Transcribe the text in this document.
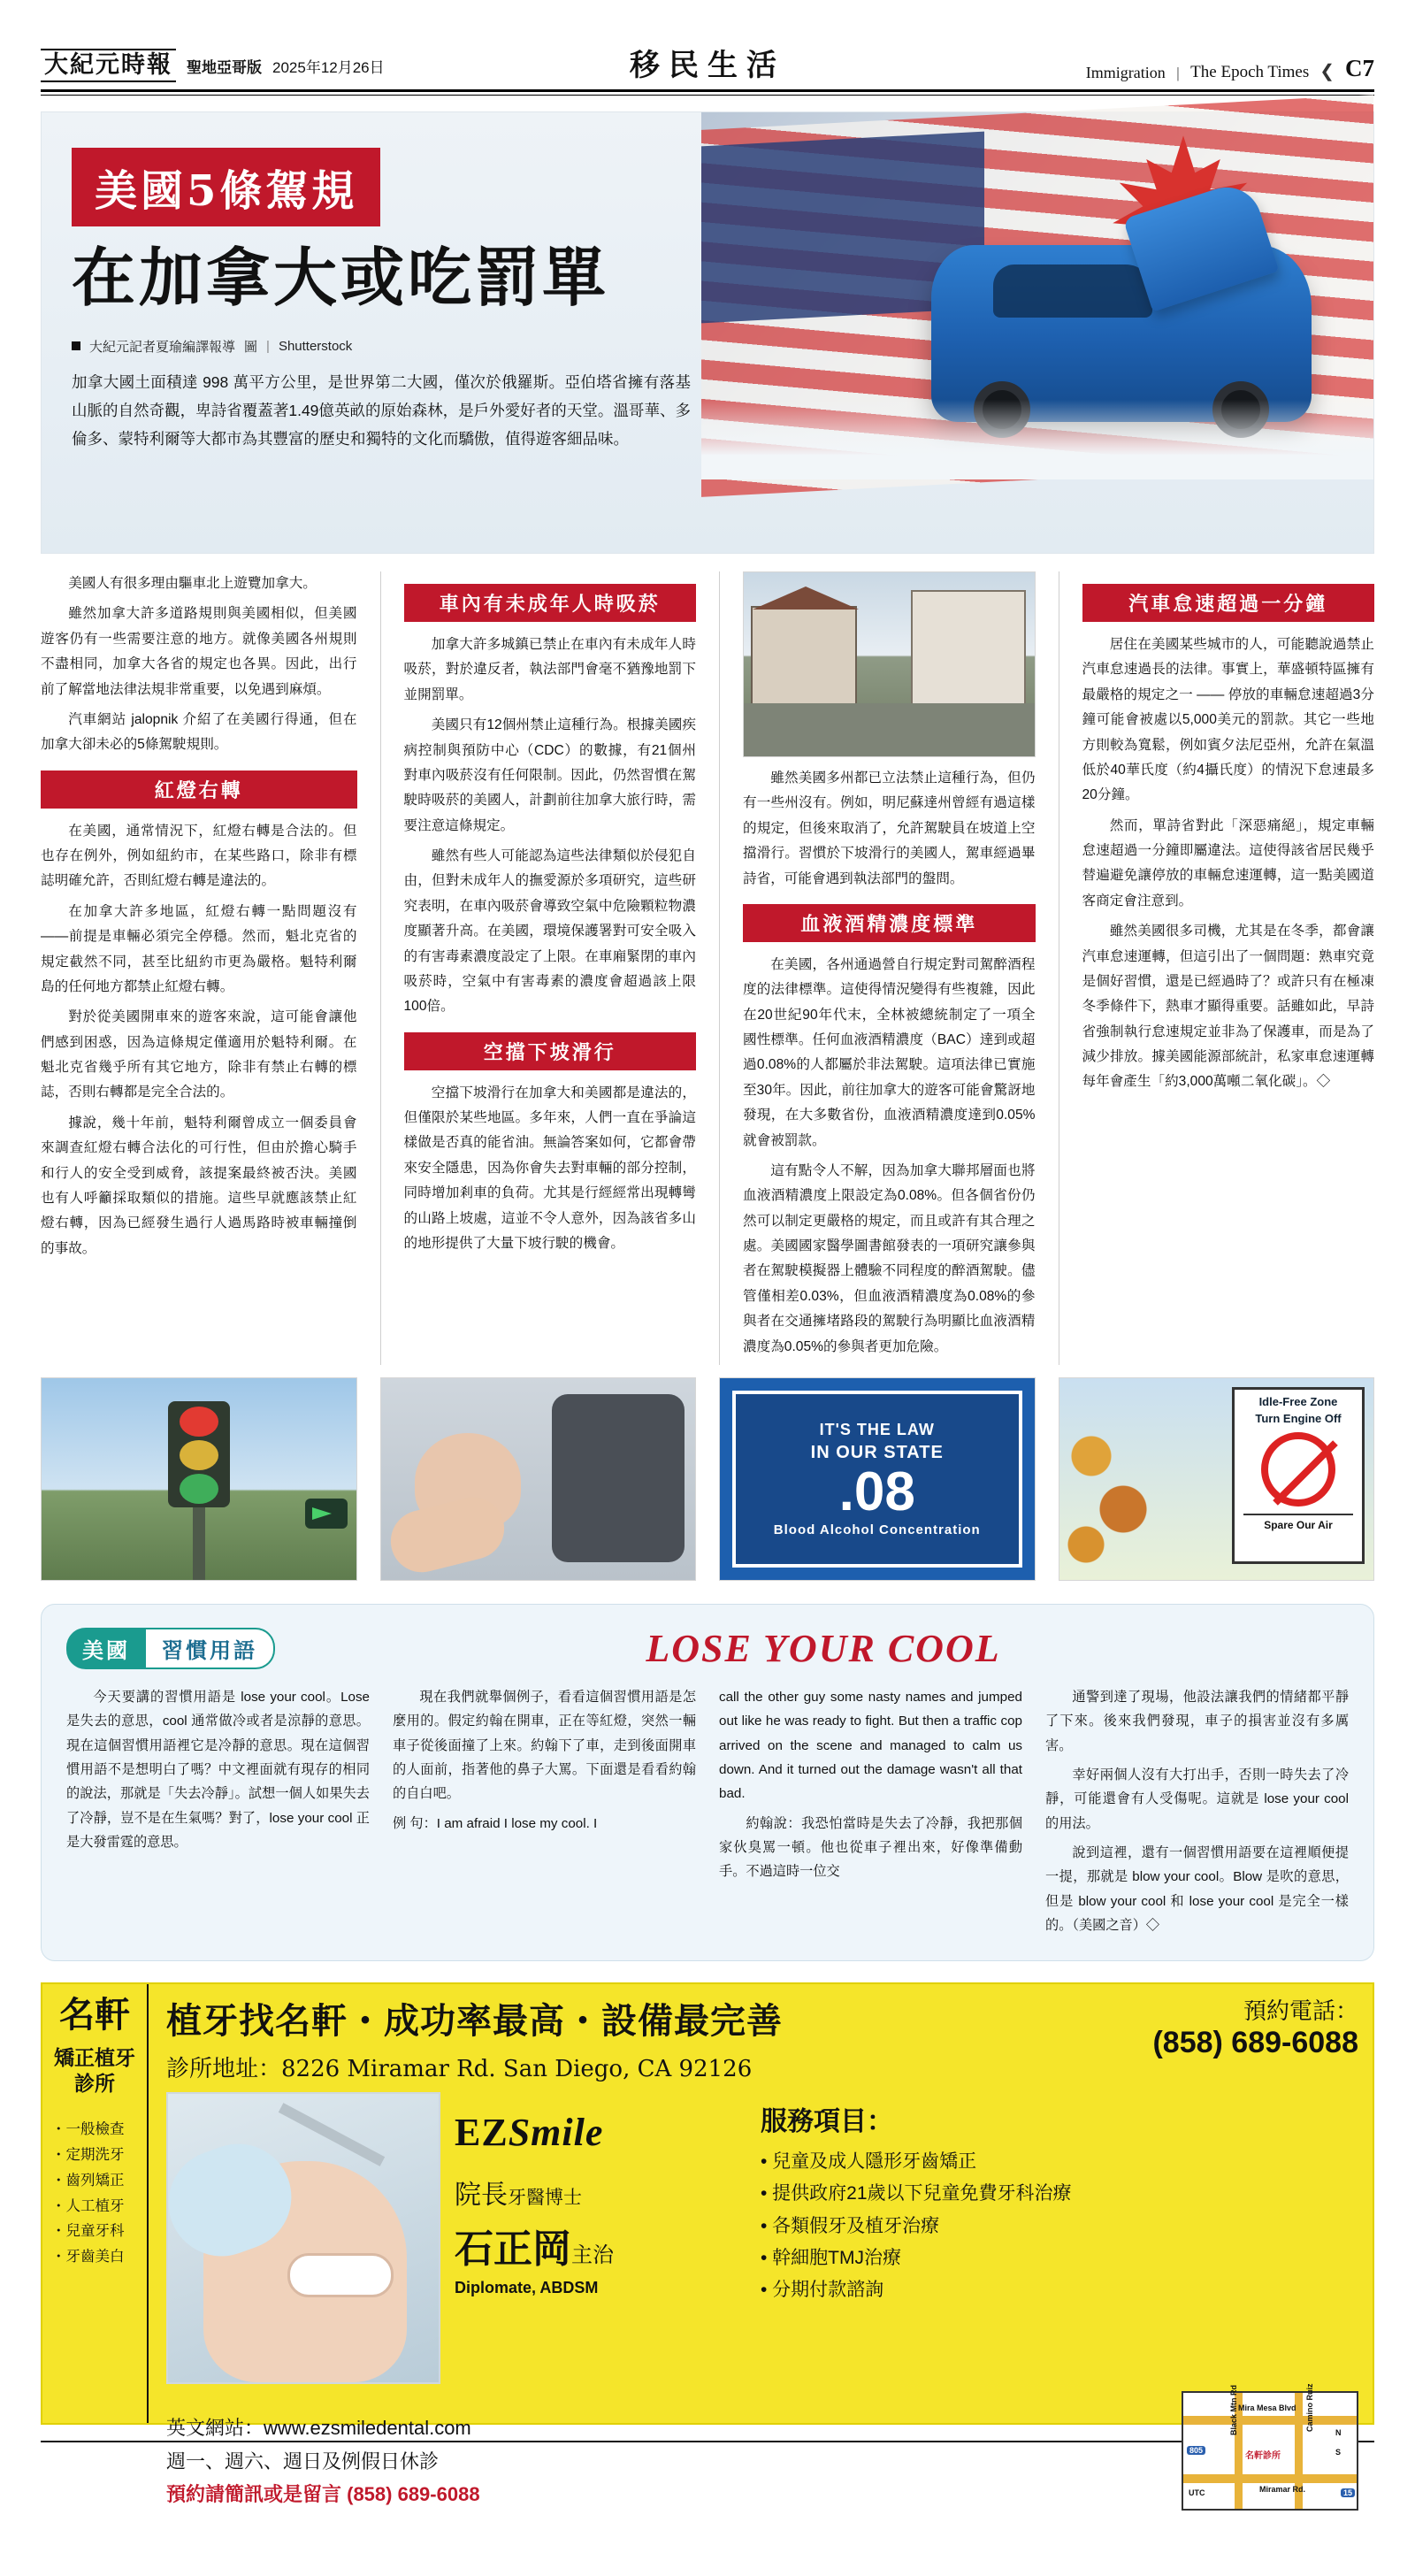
大紀元時報 聖地亞哥版 2025年12月26日	移民生活	Immigration | The Epoch Times ❮ C7
美國5條駕規
在加拿大或吃罰單
大紀元記者夏瑜編譯報導 圖 | Shutterstock
加拿大國土面積達 998 萬平方公里，是世界第二大國，僅次於俄羅斯。亞伯塔省擁有落基山脈的自然奇觀，卑詩省覆蓋著1.49億英畝的原始森林，是戶外愛好者的天堂。溫哥華、多倫多、蒙特利爾等大都市為其豐富的歷史和獨特的文化而驕傲，值得遊客細品味。

美國人有很多理由驅車北上遊覽加拿大。

雖然加拿大許多道路規則與美國相似，但美國遊客仍有一些需要注意的地方。就像美國各州規則不盡相同，加拿大各省的規定也各異。因此，出行前了解當地法律法規非常重要，以免遇到麻煩。

汽車網站 jalopnik 介紹了在美國行得通，但在加拿大卻未必的5條駕駛規則。

紅燈右轉

在美國，通常情況下，紅燈右轉是合法的。但也存在例外，例如紐約市，在某些路口，除非有標誌明確允許，否則紅燈右轉是違法的。

在加拿大許多地區，紅燈右轉一點問題沒有——前提是車輛必須完全停穩。然而，魁北克省的規定截然不同，甚至比紐約市更為嚴格。魁特利爾島的任何地方都禁止紅燈右轉。

對於從美國開車來的遊客來說，這可能會讓他們感到困惑，因為這條規定僅適用於魁特利爾。在魁北克省幾乎所有其它地方，除非有禁止右轉的標誌，否則右轉都是完全合法的。

據說，幾十年前，魁特利爾曾成立一個委員會來調查紅燈右轉合法化的可行性，但由於擔心騎手和行人的安全受到威脅，該提案最終被否決。美國也有人呼籲採取類似的措施。這些早就應該禁止紅燈右轉，因為已經發生過行人過馬路時被車輛撞倒的事故。

車內有未成年人時吸菸

加拿大許多城鎮已禁止在車內有未成年人時吸菸，對於違反者，執法部門會毫不猶豫地罰下並開罰單。

美國只有12個州禁止這種行為。根據美國疾病控制與預防中心（CDC）的數據，有21個州對車內吸菸沒有任何限制。因此，仍然習慣在駕駛時吸菸的美國人，計劃前往加拿大旅行時，需要注意這條規定。

雖然有些人可能認為這些法律類似於侵犯自由，但對未成年人的撫愛源於多項研究，這些研究表明，在車內吸菸會導致空氣中危險顆粒物濃度顯著升高。在美國，環境保護署對可安全吸入的有害毒素濃度設定了上限。在車廂緊閉的車內吸菸時，空氣中有害毒素的濃度會超過該上限100倍。

空擋下坡滑行

空擋下坡滑行在加拿大和美國都是違法的，但僅限於某些地區。多年來，人們一直在爭論這樣做是否真的能省油。無論答案如何，它都會帶來安全隱患，因為你會失去對車輛的部分控制，同時增加剎車的負荷。尤其是行經經常出現轉彎的山路上坡處，這並不令人意外，因為該省多山的地形提供了大量下坡行駛的機會。

雖然美國多州都已立法禁止這種行為，但仍有一些州沒有。例如，明尼蘇達州曾經有過這樣的規定，但後來取消了，允許駕駛員在坡道上空擋滑行。習慣於下坡滑行的美國人，駕車經過畢詩省，可能會遇到執法部門的盤問。

血液酒精濃度標準

在美國，各州通過營自行規定對司駕醉酒程度的法律標準。這使得情況變得有些複雜，因此在20世紀90年代末，全林被總統制定了一項全國性標準。任何血液酒精濃度（BAC）達到或超過0.08%的人都屬於非法駕駛。這項法律已實施至30年。因此，前往加拿大的遊客可能會驚訝地發現，在大多數省份，血液酒精濃度達到0.05%就會被罰款。

這有點令人不解，因為加拿大聯邦層面也將血液酒精濃度上限設定為0.08%。但各個省份仍然可以制定更嚴格的規定，而且或許有其合理之處。美國國家醫學圖書館發表的一項研究讓參與者在駕駛模擬器上體驗不同程度的醉酒駕駛。儘管僅相差0.03%，但血液酒精濃度為0.08%的參與者在交通擁堵路段的駕駛行為明顯比血液酒精濃度為0.05%的參與者更加危險。

汽車怠速超過一分鐘

居住在美國某些城市的人，可能聽說過禁止汽車怠速過長的法律。事實上，華盛頓特區擁有最嚴格的規定之一 —— 停放的車輛怠速超過3分鐘可能會被處以5,000美元的罰款。其它一些地方則較為寬鬆，例如賓夕法尼亞州，允許在氣溫低於40華氏度（約4攝氏度）的情況下怠速最多20分鐘。

然而，單詩省對此「深惡痛絕」，規定車輛怠速超過一分鐘即屬違法。這使得該省居民幾乎替遍避免讓停放的車輛怠速運轉，這一點美國道客商定會注意到。

雖然美國很多司機，尤其是在冬季，都會讓汽車怠速運轉，但這引出了一個問題：熟車究竟是個好習慣，還是已經過時了？或許只有在極凍冬季條件下，熱車才顯得重要。話雖如此，早詩省強制執行怠速規定並非為了保護車，而是為了減少排放。據美國能源部統計，私家車怠速運轉每年會產生「約3,000萬噸二氧化碳」。◇

IT'S THE LAW
IN OUR STATE
.08
Blood Alcohol Concentration
Idle-Free Zone
Turn Engine Off
Spare Our Air
美國	習慣用語	LOSE YOUR COOL

今天要講的習慣用語是 lose your cool。Lose 是失去的意思，cool 通常做冷或者是涼靜的意思。現在這個習慣用語裡它是冷靜的意思。現在這個習慣用語不是想明白了嗎？中文裡面就有現存的相同的說法，那就是「失去冷靜」。試想一個人如果失去了冷靜，豈不是在生氣嗎？對了，lose your cool 正是大發雷霆的意思。

現在我們就舉個例子，看看這個習慣用語是怎麼用的。假定約翰在開車，正在等紅燈，突然一輛車子從後面撞了上來。約翰下了車，走到後面開車的人面前，指著他的鼻子大罵。下面還是看看約翰的自白吧。

例 句：I am afraid I lose my cool. I

call the other guy some nasty names and jumped out like he was ready to fight. But then a traffic cop arrived on the scene and managed to calm us down. And it turned out the damage wasn't all that bad.

約翰說：我恐怕當時是失去了冷靜，我把那個家伙臭罵一頓。他也從車子裡出來，好像準備動手。不過這時一位交

通警到達了現場，他設法讓我們的情緒都平靜了下來。後來我們發現，車子的損害並沒有多厲害。

幸好兩個人沒有大打出手，否則一時失去了冷靜，可能還會有人受傷呢。這就是 lose your cool 的用法。

說到這裡，還有一個習慣用語要在這裡順便提一提，那就是 blow your cool。Blow 是吹的意思，但是 blow your cool 和 lose your cool 是完全一樣的。（美國之音）◇

名軒
矯正植牙診所
・一般檢查
・定期洗牙
・齒列矯正
・人工植牙
・兒童牙科
・牙齒美白
植牙找名軒・成功率最高・設備最完善
診所地址：8226 Miramar Rd. San Diego, CA 92126
預約電話：
(858) 689-6088
EZSmile
院長牙醫博士
石正岡主治
Diplomate, ABDSM
服務項目：
• 兒童及成人隱形牙齒矯正
• 提供政府21歲以下兒童免費牙科治療
• 各類假牙及植牙治療
• 幹細胞TMJ治療
• 分期付款諮詢
英文網站：www.ezsmiledental.com
週一、週六、週日及例假日休診
預約請簡訊或是留言 (858) 689-6088
Mira Mesa Blvd
Miramar Rd.
Camino Ruiz
Black Mtn Rd
805
UTC	15
N
S
名軒診所
